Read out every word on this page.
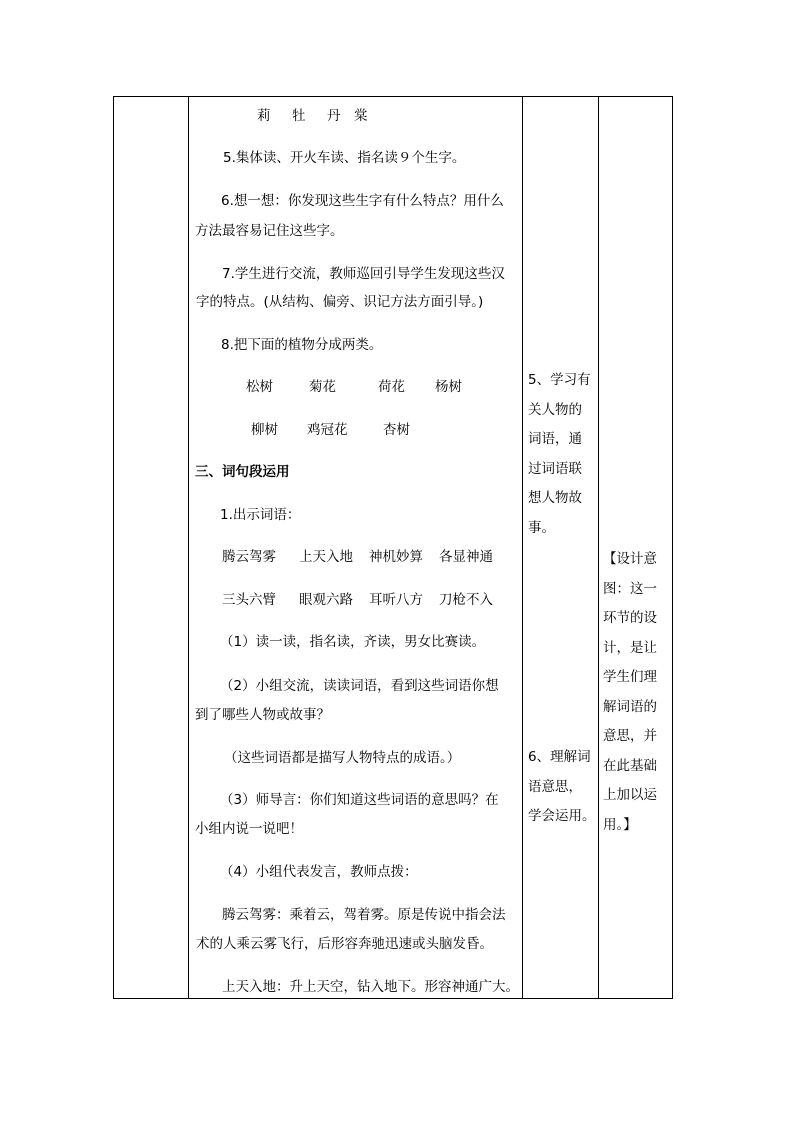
莉 牡 丹 棠
5.集体读、开火车读、指名读９个生字。
6.想一想：你发现这些生字有什么特点？用什么
方法最容易记住这些字。
7.学生进行交流，教师巡回引导学生发现这些汉
字的特点。(从结构、偏旁、识记方法方面引导。)
8.把下面的植物分成两类。
松树	菊花	荷花 杨树
柳树 鸡冠花	杏树
三、词句段运用
1.出示词语：
腾云驾雾 上天入地 神机妙算 各显神通
三头六臂 眼观六路 耳听八方 刀枪不入
（1）读一读，指名读，齐读，男女比赛读。
（2）小组交流，读读词语，看到这些词语你想
到了哪些人物或故事？
（这些词语都是描写人物特点的成语。）
（3）师导言：你们知道这些词语的意思吗？在
小组内说一说吧！
（4）小组代表发言，教师点拨：
腾云驾雾：乘着云，驾着雾。原是传说中指会法
术的人乘云雾飞行，后形容奔驰迅速或头脑发昏。
上天入地：升上天空，钻入地下。形容神通广大。
5、学习有
关人物的
词语，通
过词语联
想人物故
事。
6、理解词
语意思，
学会运用。
【设计意
图：这一
环节的设
计，是让
学生们理
解词语的
意思，并
在此基础
上加以运
用。】
